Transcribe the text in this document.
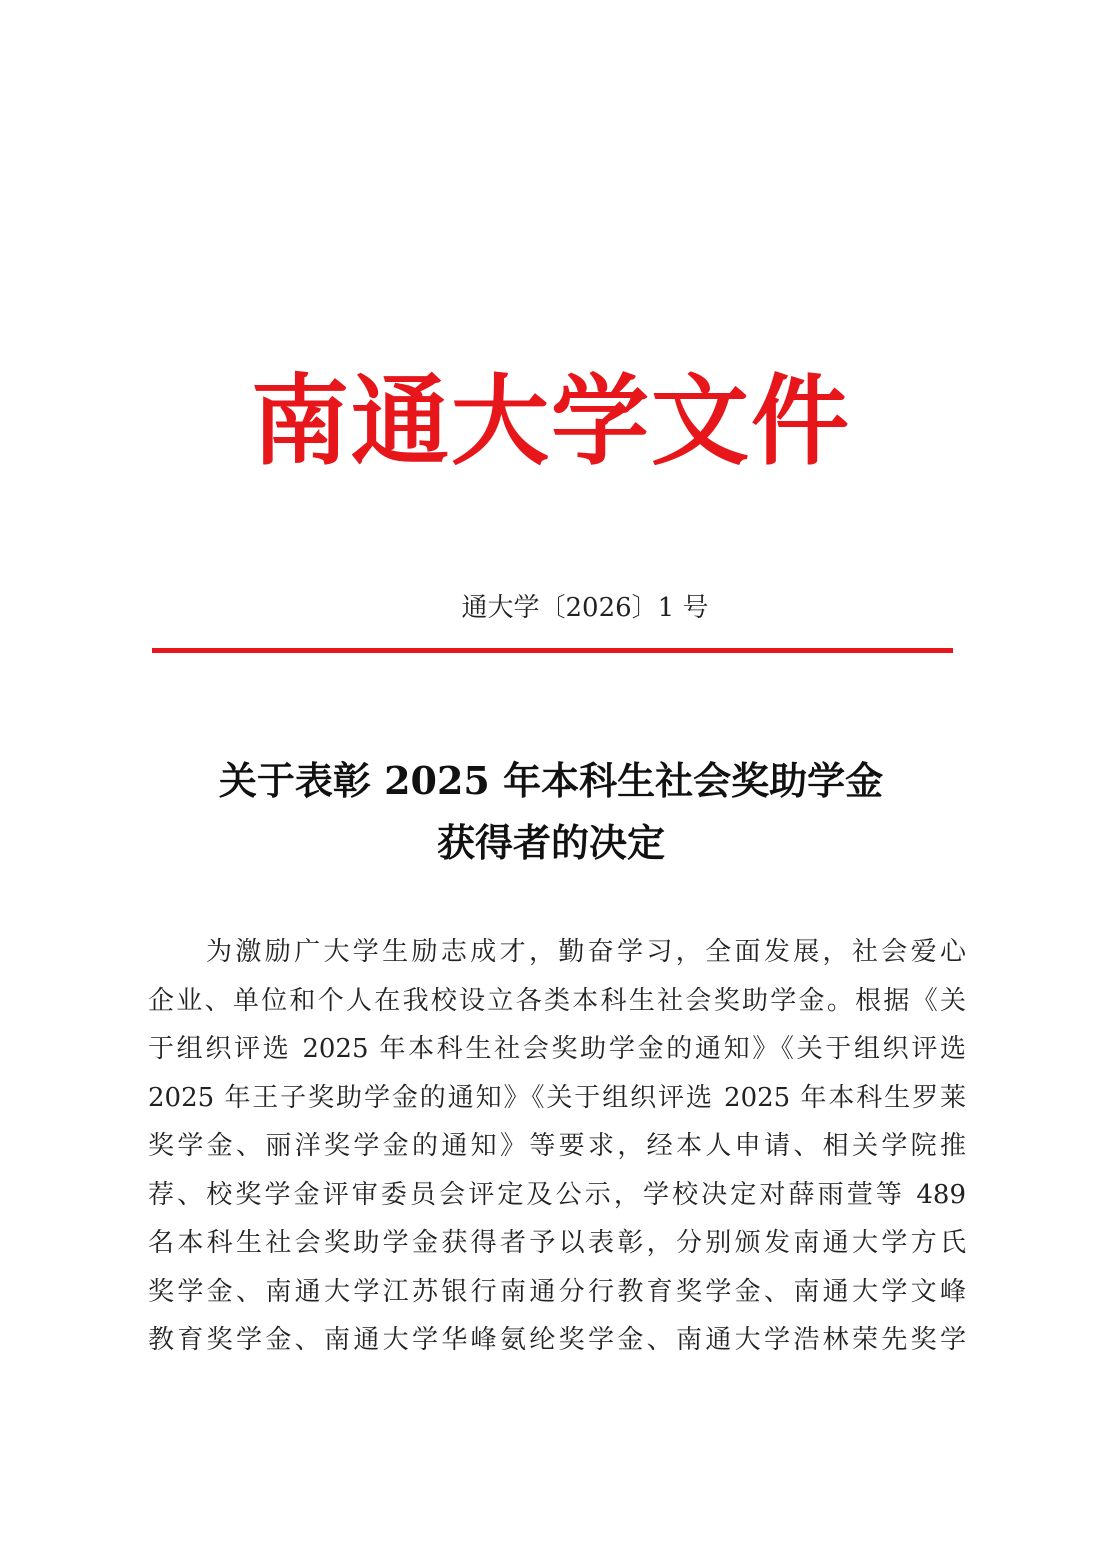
南通大学文件
通大学〔2026〕1 号
关于表彰 2025 年本科生社会奖助学金
获得者的决定
为激励广大学生励志成才，勤奋学习，全面发展，社会爱心
企业、单位和个人在我校设立各类本科生社会奖助学金。根据《关
于组织评选 2025 年本科生社会奖助学金的通知》《关于组织评选
2025 年王子奖助学金的通知》《关于组织评选 2025 年本科生罗莱
奖学金、丽洋奖学金的通知》等要求，经本人申请、相关学院推
荐、校奖学金评审委员会评定及公示，学校决定对薛雨萱等 489
名本科生社会奖助学金获得者予以表彰，分别颁发南通大学方氏
奖学金、南通大学江苏银行南通分行教育奖学金、南通大学文峰
教育奖学金、南通大学华峰氨纶奖学金、南通大学浩林荣先奖学
